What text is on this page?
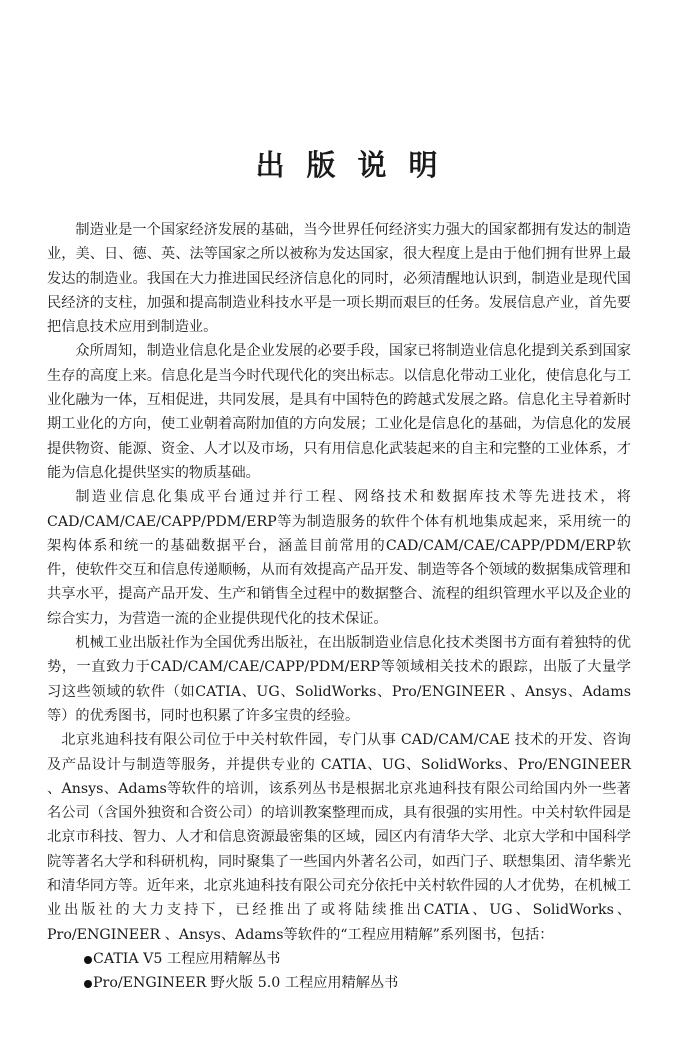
出版说明

制造业是一个国家经济发展的基础，当今世界任何经济实力强大的国家都拥有发达的制造业，美、日、德、英、法等国家之所以被称为发达国家，很大程度上是由于他们拥有世界上最发达的制造业。我国在大力推进国民经济信息化的同时，必须清醒地认识到，制造业是现代国民经济的支柱，加强和提高制造业科技水平是一项长期而艰巨的任务。发展信息产业，首先要把信息技术应用到制造业。

众所周知，制造业信息化是企业发展的必要手段，国家已将制造业信息化提到关系到国家生存的高度上来。信息化是当今时代现代化的突出标志。以信息化带动工业化，使信息化与工业化融为一体，互相促进，共同发展，是具有中国特色的跨越式发展之路。信息化主导着新时期工业化的方向，使工业朝着高附加值的方向发展；工业化是信息化的基础，为信息化的发展提供物资、能源、资金、人才以及市场，只有用信息化武装起来的自主和完整的工业体系，才能为信息化提供坚实的物质基础。

制造业信息化集成平台通过并行工程、网络技术和数据库技术等先进技术，将CAD/CAM/CAE/CAPP/PDM/ERP等为制造服务的软件个体有机地集成起来，采用统一的架构体系和统一的基础数据平台，涵盖目前常用的CAD/CAM/CAE/CAPP/PDM/ERP软件，使软件交互和信息传递顺畅，从而有效提高产品开发、制造等各个领域的数据集成管理和共享水平，提高产品开发、生产和销售全过程中的数据整合、流程的组织管理水平以及企业的综合实力，为营造一流的企业提供现代化的技术保证。

机械工业出版社作为全国优秀出版社，在出版制造业信息化技术类图书方面有着独特的优势，一直致力于CAD/CAM/CAE/CAPP/PDM/ERP等领域相关技术的跟踪，出版了大量学习这些领域的软件（如CATIA、UG、SolidWorks、Pro/ENGINEER 、Ansys、Adams等）的优秀图书，同时也积累了许多宝贵的经验。

北京兆迪科技有限公司位于中关村软件园，专门从事 CAD/CAM/CAE 技术的开发、咨询及产品设计与制造等服务，并提供专业的 CATIA、UG、SolidWorks、Pro/ENGINEER 、Ansys、Adams等软件的培训，该系列丛书是根据北京兆迪科技有限公司给国内外一些著名公司（含国外独资和合资公司）的培训教案整理而成，具有很强的实用性。中关村软件园是北京市科技、智力、人才和信息资源最密集的区域，园区内有清华大学、北京大学和中国科学院等著名大学和科研机构，同时聚集了一些国内外著名公司，如西门子、联想集团、清华紫光和清华同方等。近年来，北京兆迪科技有限公司充分依托中关村软件园的人才优势，在机械工业出版社的大力支持下，已经推出了或将陆续推出CATIA、UG、SolidWorks、Pro/ENGINEER 、Ansys、Adams等软件的“工程应用精解”系列图书，包括：

CATIA V5 工程应用精解丛书
Pro/ENGINEER 野火版 5.0 工程应用精解丛书
